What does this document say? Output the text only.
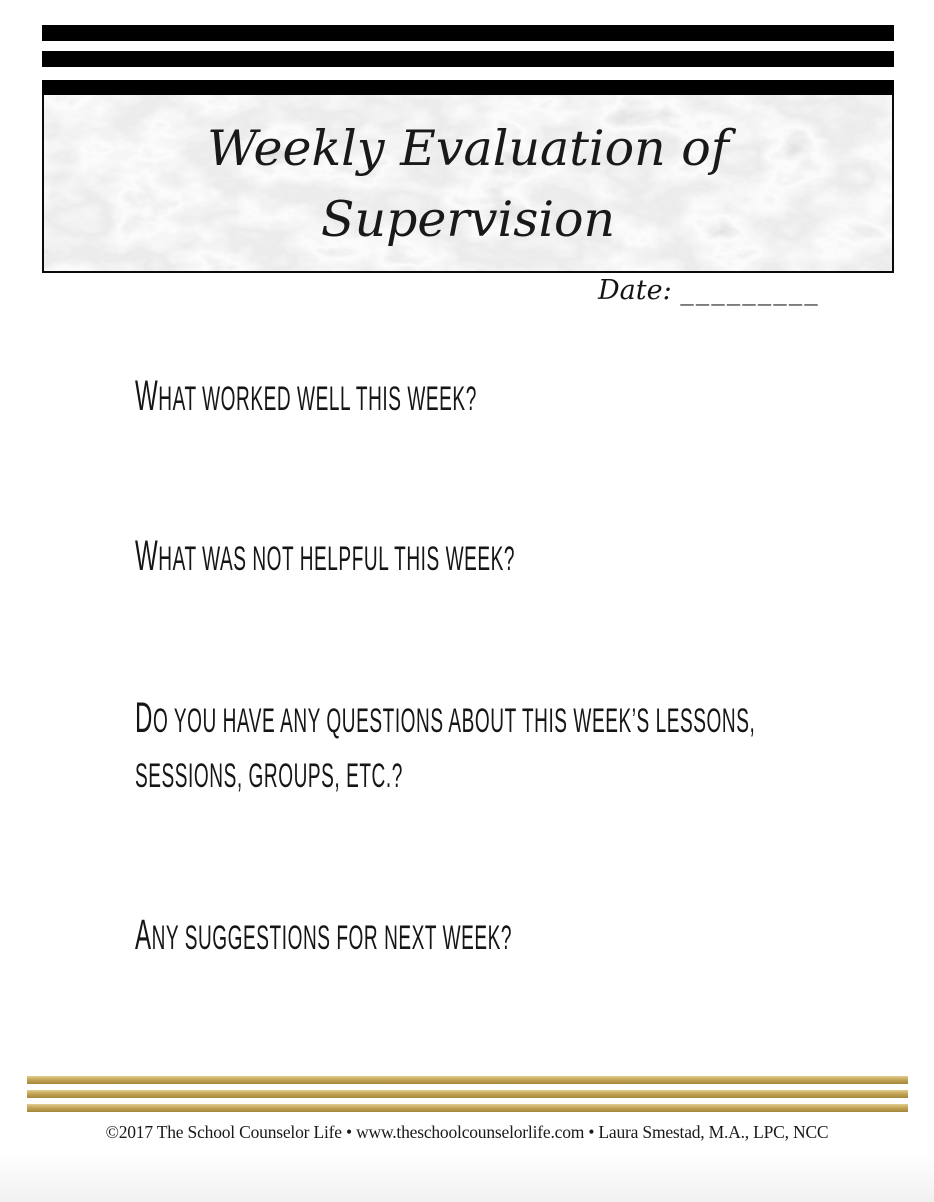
Weekly Evaluation of
Supervision
Date: _________
WHAT WORKED WELL THIS WEEK?
WHAT WAS NOT HELPFUL THIS WEEK?
DO YOU HAVE ANY QUESTIONS ABOUT THIS WEEK’S LESSONS,
SESSIONS, GROUPS, ETC.?
ANY SUGGESTIONS FOR NEXT WEEK?
©2017 The School Counselor Life • www.theschoolcounselorlife.com • Laura Smestad, M.A., LPC, NCC
